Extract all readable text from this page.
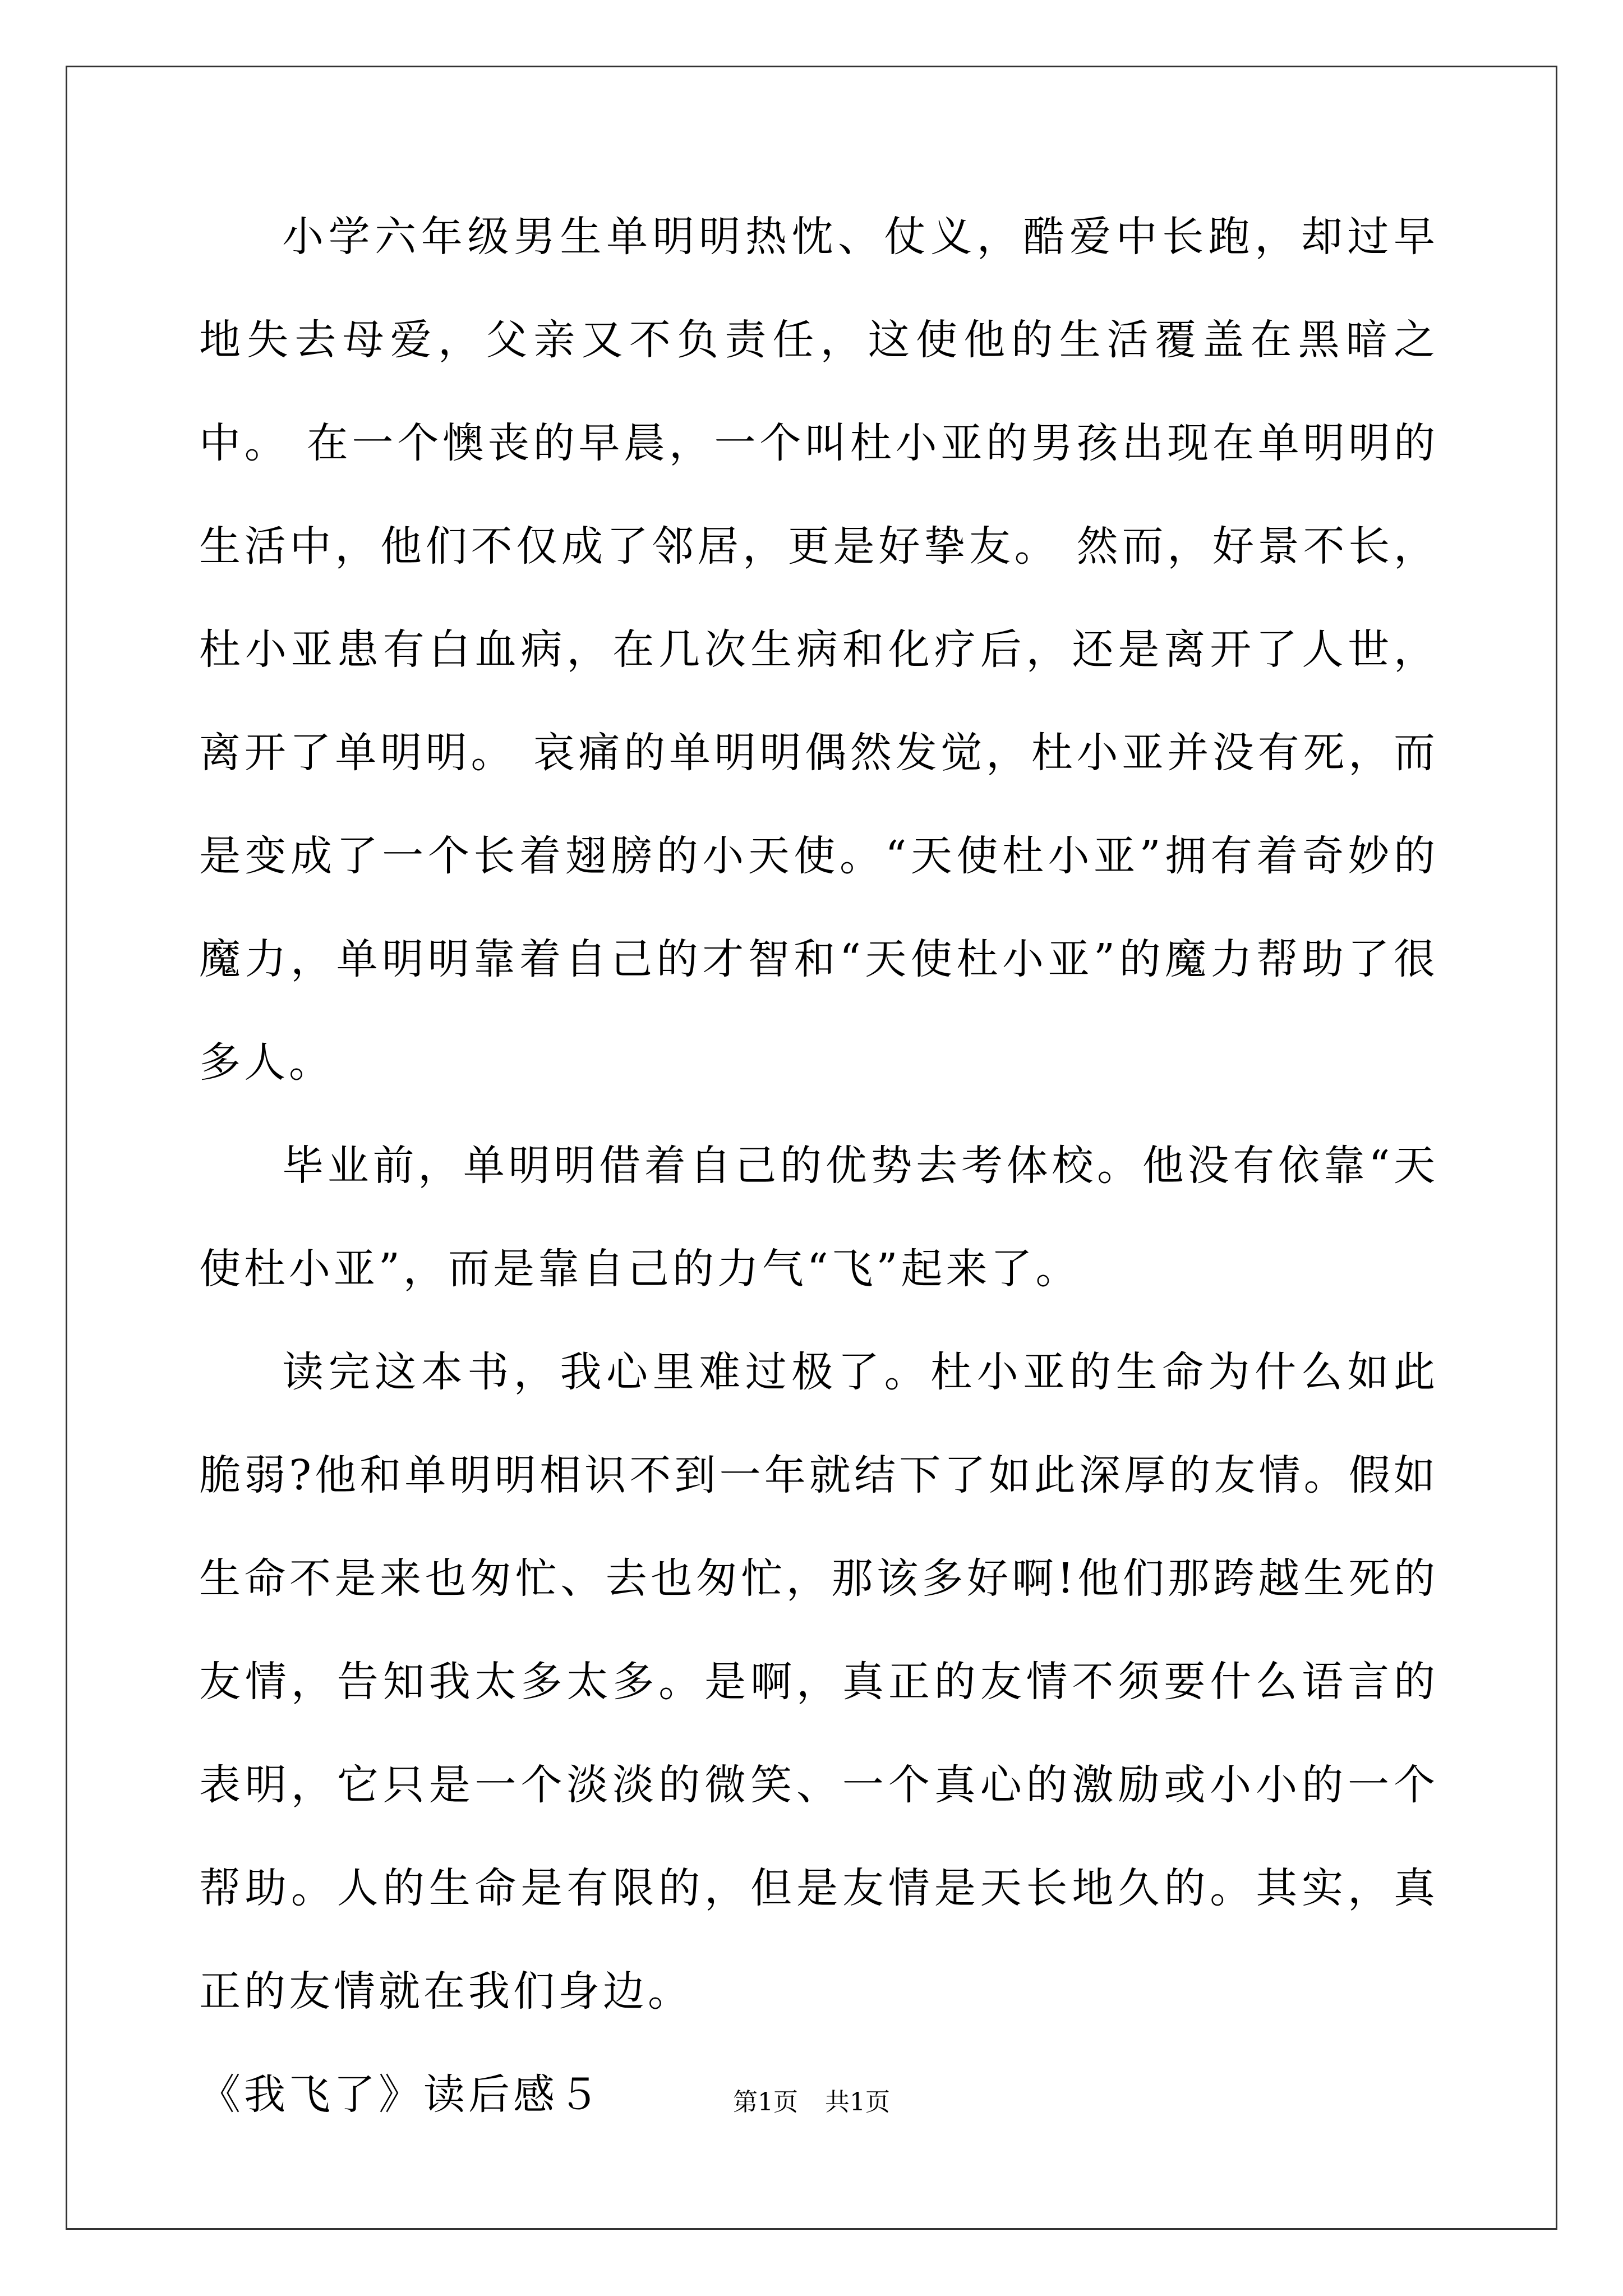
小学六年级男生单明明热忱、仗义，酷爱中长跑，却过早地失去母爱，父亲又不负责任，这使他的生活覆盖在黑暗之中。 在一个懊丧的早晨，一个叫杜小亚的男孩出现在单明明的生活中，他们不仅成了邻居，更是好挚友。 然而，好景不长，杜小亚患有白血病，在几次生病和化疗后，还是离开了人世，离开了单明明。 哀痛的单明明偶然发觉，杜小亚并没有死，而是变成了一个长着翅膀的小天使。“天使杜小亚”拥有着奇妙的魔力，单明明靠着自己的才智和“天使杜小亚”的魔力帮助了很多人。

毕业前，单明明借着自己的优势去考体校。他没有依靠“天使杜小亚”，而是靠自己的力气“飞”起来了。

读完这本书，我心里难过极了。杜小亚的生命为什么如此脆弱?他和单明明相识不到一年就结下了如此深厚的友情。假如生命不是来也匆忙、去也匆忙，那该多好啊!他们那跨越生死的友情，告知我太多太多。是啊，真正的友情不须要什么语言的表明，它只是一个淡淡的微笑、一个真心的激励或小小的一个帮助。人的生命是有限的，但是友情是天长地久的。其实，真正的友情就在我们身边。

《我飞了》读后感５	第1页 共1页
